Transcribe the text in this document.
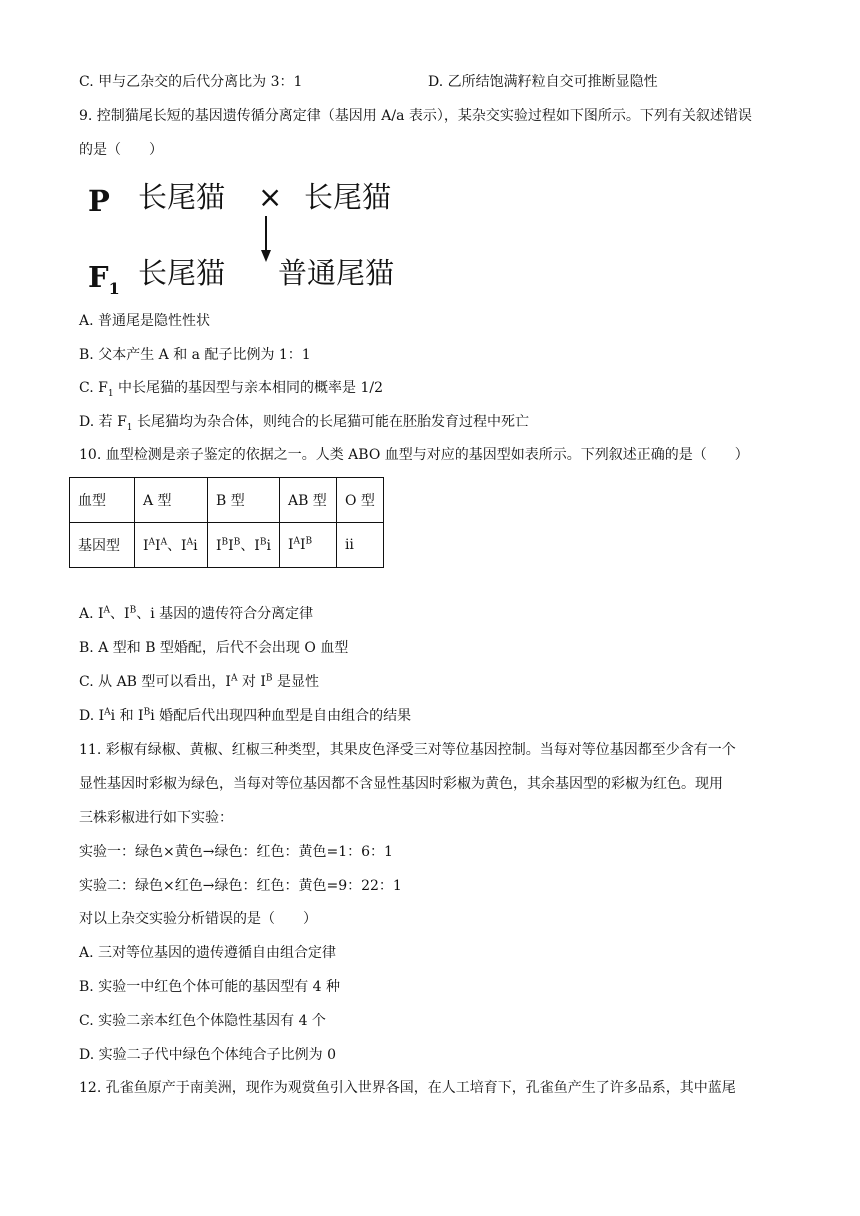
C. 甲与乙杂交的后代分离比为 3：1	D. 乙所结饱满籽粒自交可推断显隐性
9. 控制猫尾长短的基因遗传循分离定律（基因用 A/a 表示），某杂交实验过程如下图所示。下列有关叙述错误
的是（　　）
P 长尾猫 × 长尾猫
$F_1$ 长尾猫 普通尾猫
A. 普通尾是隐性性状
B. 父本产生 A 和 a 配子比例为 1：1
C. $F_1$ 中长尾猫的基因型与亲本相同的概率是 1/2
D. 若 $F_1$ 长尾猫均为杂合体，则纯合的长尾猫可能在胚胎发育过程中死亡
10. 血型检测是亲子鉴定的依据之一。人类 ABO 血型与对应的基因型如表所示。下列叙述正确的是（　　）
血型	A 型	B 型	AB 型	O 型
基因型	$I^AI^A$、$I^Ai$	$I^BI^B$、$I^Bi$	$I^AI^B$	ii
A. $I^A$、$I^B$、i 基因的遗传符合分离定律
B. A 型和 B 型婚配，后代不会出现 O 血型
C. 从 AB 型可以看出，$I^A$ 对 $I^B$ 是显性
D. $I^Ai$ 和 $I^Bi$ 婚配后代出现四种血型是自由组合的结果
11. 彩椒有绿椒、黄椒、红椒三种类型，其果皮色泽受三对等位基因控制。当每对等位基因都至少含有一个
显性基因时彩椒为绿色，当每对等位基因都不含显性基因时彩椒为黄色，其余基因型的彩椒为红色。现用
三株彩椒进行如下实验：
实验一：绿色×黄色→绿色：红色：黄色=1：6：1
实验二：绿色×红色→绿色：红色：黄色=9：22：1
对以上杂交实验分析错误的是（　　）
A. 三对等位基因的遗传遵循自由组合定律
B. 实验一中红色个体可能的基因型有 4 种
C. 实验二亲本红色个体隐性基因有 4 个
D. 实验二子代中绿色个体纯合子比例为 0
12. 孔雀鱼原产于南美洲，现作为观赏鱼引入世界各国，在人工培育下，孔雀鱼产生了许多品系，其中蓝尾
